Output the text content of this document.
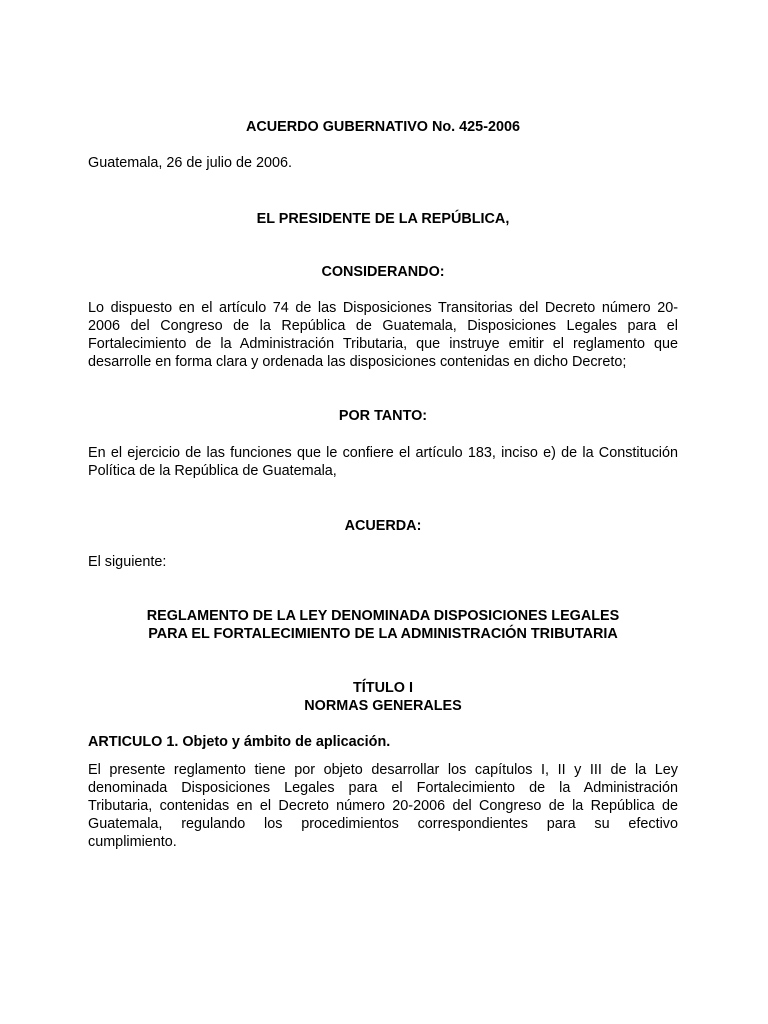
ACUERDO GUBERNATIVO No. 425-2006

Guatemala, 26 de julio de 2006.

EL PRESIDENTE DE LA REPÚBLICA,

CONSIDERANDO:

Lo dispuesto en el artículo 74 de las Disposiciones Transitorias del Decreto número 20-
2006 del Congreso de la República de Guatemala, Disposiciones Legales para el
Fortalecimiento de la Administración Tributaria, que instruye emitir el reglamento que
desarrolle en forma clara y ordenada las disposiciones contenidas en dicho Decreto;

POR TANTO:

En el ejercicio de las funciones que le confiere el artículo 183, inciso e) de la Constitución
Política de la República de Guatemala,

ACUERDA:

El siguiente:

REGLAMENTO DE LA LEY DENOMINADA DISPOSICIONES LEGALES
PARA EL FORTALECIMIENTO DE LA ADMINISTRACIÓN TRIBUTARIA
TÍTULO I
NORMAS GENERALES

ARTICULO 1. Objeto y ámbito de aplicación.

El presente reglamento tiene por objeto desarrollar los capítulos I, II y III de la Ley
denominada Disposiciones Legales para el Fortalecimiento de la Administración
Tributaria, contenidas en el Decreto número 20-2006 del Congreso de la República de
Guatemala, regulando los procedimientos correspondientes para su efectivo
cumplimiento.
